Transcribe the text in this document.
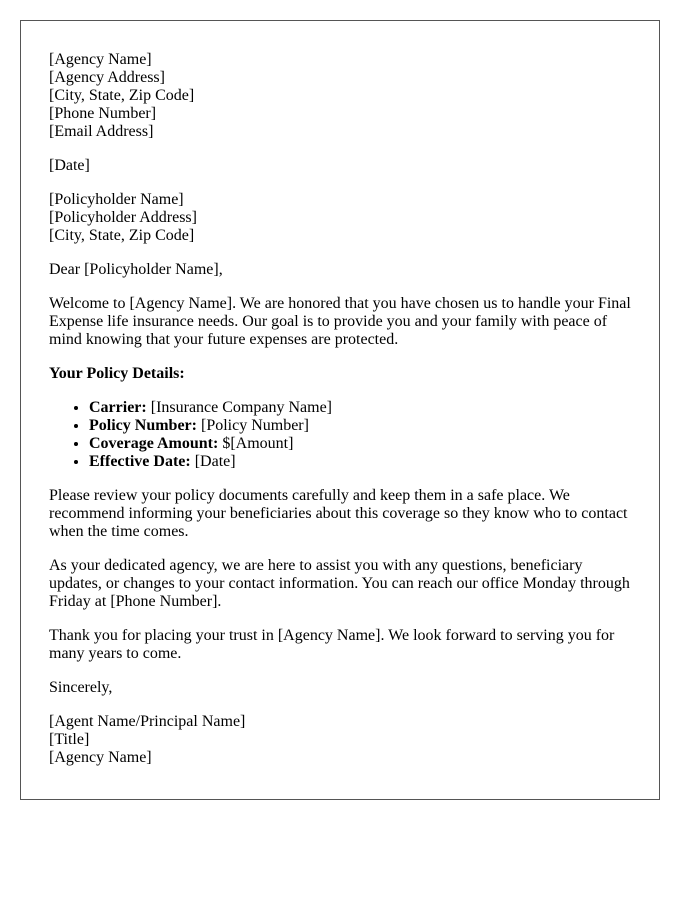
[Agency Name]
[Agency Address]
[City, State, Zip Code]
[Phone Number]
[Email Address]
[Date]
[Policyholder Name]
[Policyholder Address]
[City, State, Zip Code]

Dear [Policyholder Name],

Welcome to [Agency Name]. We are honored that you have chosen us to handle your Final Expense life insurance needs. Our goal is to provide you and your family with peace of mind knowing that your future expenses are protected.

Your Policy Details:
• Carrier: [Insurance Company Name]
• Policy Number: [Policy Number]
• Coverage Amount: $[Amount]
• Effective Date: [Date]

Please review your policy documents carefully and keep them in a safe place. We recommend informing your beneficiaries about this coverage so they know who to contact when the time comes.

As your dedicated agency, we are here to assist you with any questions, beneficiary updates, or changes to your contact information. You can reach our office Monday through Friday at [Phone Number].

Thank you for placing your trust in [Agency Name]. We look forward to serving you for many years to come.

Sincerely,

[Agent Name/Principal Name]
[Title]
[Agency Name]
